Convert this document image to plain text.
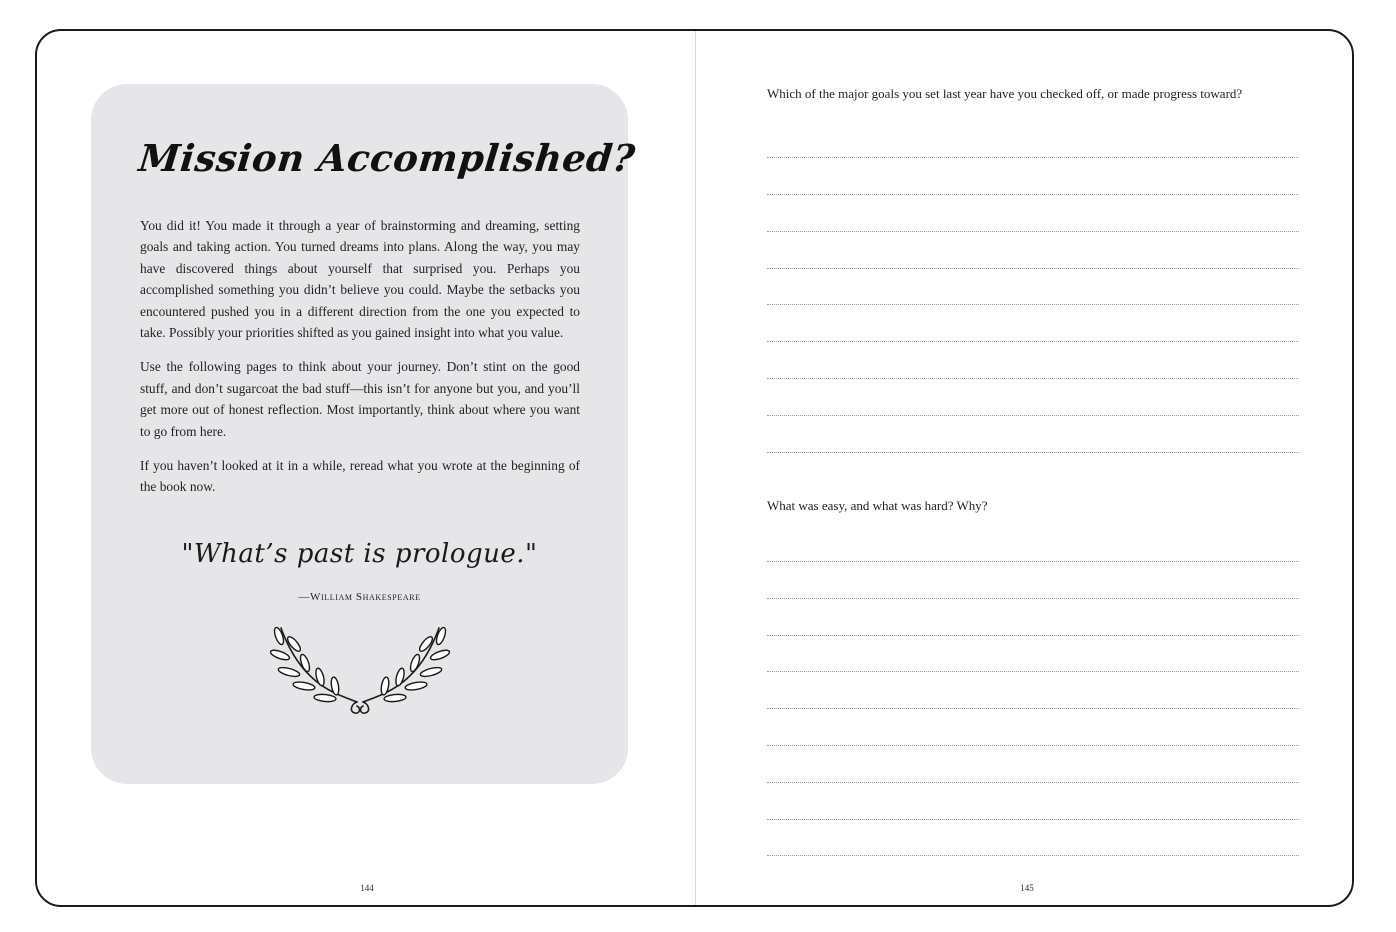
Mission Accomplished?

You did it! You made it through a year of brainstorming and dreaming, setting goals and taking action. You turned dreams into plans. Along the way, you may have discovered things about yourself that surprised you. Perhaps you accomplished something you didn’t believe you could. Maybe the setbacks you encountered pushed you in a different direction from the one you expected to take. Possibly your priorities shifted as you gained insight into what you value.

Use the following pages to think about your journey. Don’t stint on the good stuff, and don’t sugarcoat the bad stuff—this isn’t for anyone but you, and you’ll get more out of honest reflection. Most importantly, think about where you want to go from here.

If you haven’t looked at it in a while, reread what you wrote at the beginning of the book now.

"What’s past is prologue."
—William Shakespeare
144
Which of the major goals you set last year have you checked off, or made progress toward?
What was easy, and what was hard? Why?
145
